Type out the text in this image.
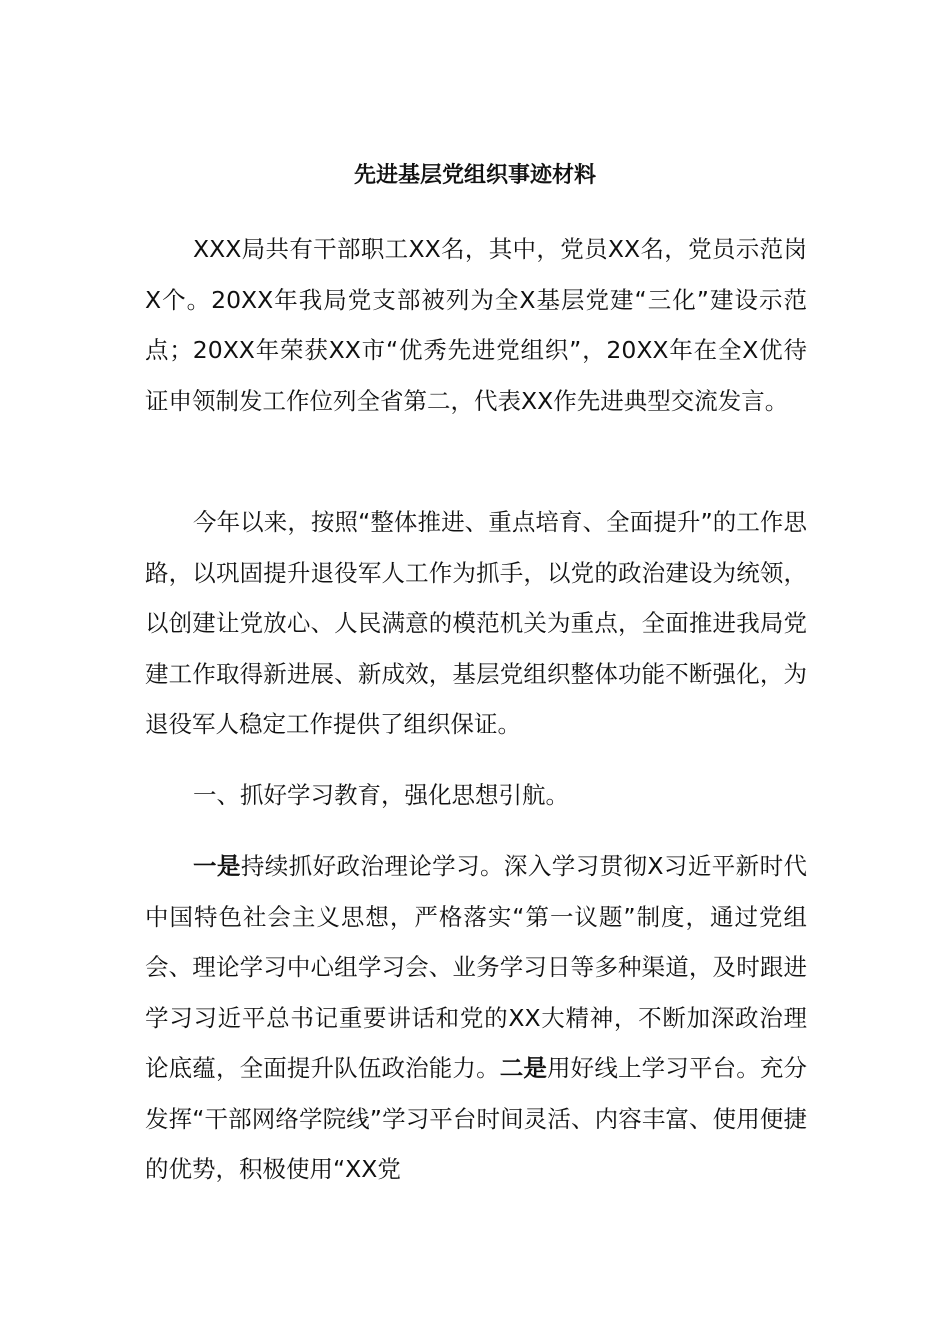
先进基层党组织事迹材料

XXX局共有干部职工XX名，其中，党员XX名，党员示范岗X个。20XX年我局党支部被列为全X基层党建“三化”建设示范点；20XX年荣获XX市“优秀先进党组织”，20XX年在全X优待证申领制发工作位列全省第二，代表XX作先进典型交流发言。

今年以来，按照“整体推进、重点培育、全面提升”的工作思路，以巩固提升退役军人工作为抓手，以党的政治建设为统领，以创建让党放心、人民满意的模范机关为重点，全面推进我局党建工作取得新进展、新成效，基层党组织整体功能不断强化，为退役军人稳定工作提供了组织保证。

一、抓好学习教育，强化思想引航。

一是持续抓好政治理论学习。深入学习贯彻X习近平新时代中国特色社会主义思想，严格落实“第一议题”制度，通过党组会、理论学习中心组学习会、业务学习日等多种渠道，及时跟进学习习近平总书记重要讲话和党的XX大精神，不断加深政治理论底蕴，全面提升队伍政治能力。二是用好线上学习平台。充分发挥“干部网络学院线”学习平台时间灵活、内容丰富、使用便捷的优势，积极使用“XX党
